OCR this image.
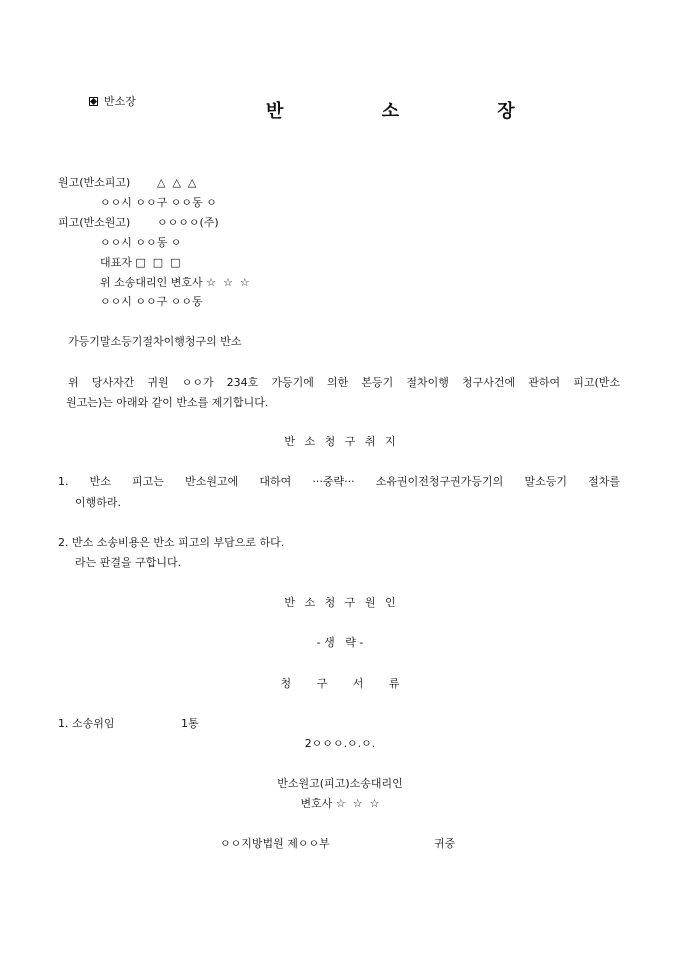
반소장
	반 소 장
원고(반소피고) △  △  △
ㅇㅇ시 ㅇㅇ구 ㅇㅇ동 ㅇ
피고(반소원고) ㅇㅇㅇㅇ(주)
ㅇㅇ시 ㅇㅇ동 ㅇ
대표자 □  □  □
위 소송대리인 변호사 ☆  ☆  ☆
ㅇㅇ시 ㅇㅇ구 ㅇㅇ동
가등기말소등기절차이행청구의 반소
위 당사자간 귀원 ㅇㅇ가 234호 가등기에 의한 본등기 절차이행 청구사건에 관하여 피고(반소
원고는)는 아래와 같이 반소를 제기합니다.
반 소 청 구 취 지
1. 반소 피고는 반소원고에 대하여 ···중략··· 소유권이전청구권가등기의 말소등기 절차를
이행하라.
2. 반소 소송비용은 반소 피고의 부담으로 하다.
라는 판결을 구합니다.
반 소 청 구 원 인
- 생   략 -
청 구 서 류
1. 소송위임	1통
2ㅇㅇㅇ.ㅇ.ㅇ.
반소원고(피고)소송대리인
변호사 ☆  ☆  ☆
ㅇㅇ지방법원 제ㅇㅇ부	귀중
